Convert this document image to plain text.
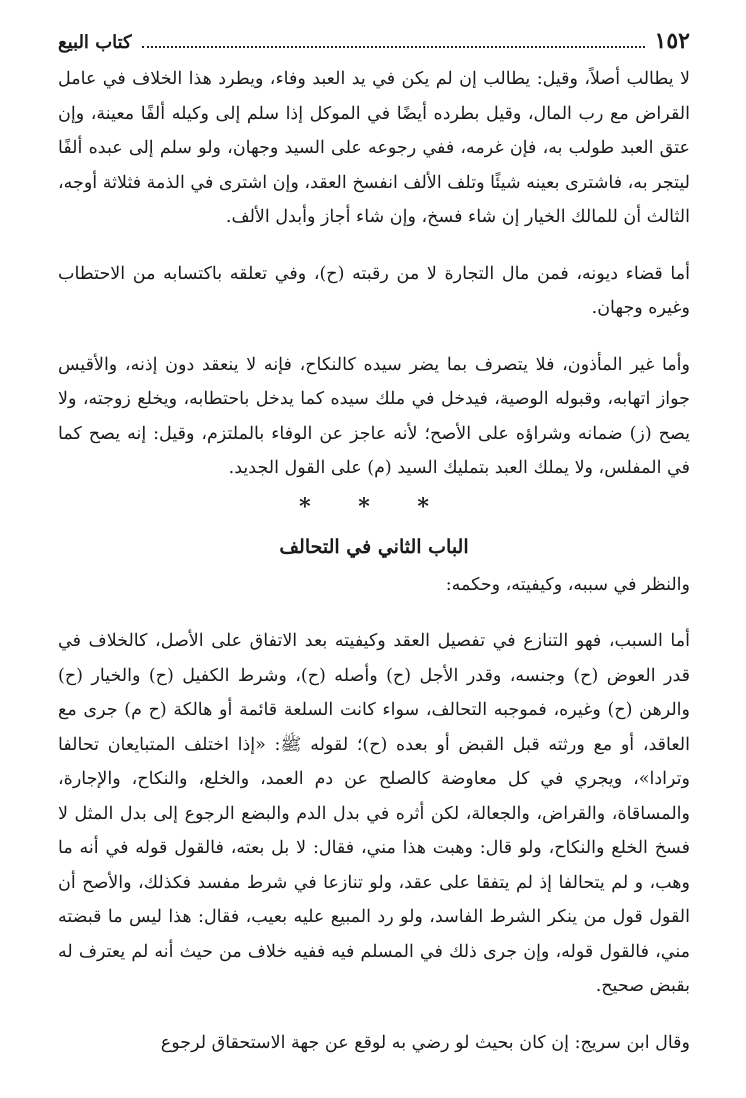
١٥٢
كتاب البيع

لا يطالب أصلاً، وقيل: يطالب إن لم يكن في يد العبد وفاء، ويطرد هذا الخلاف في عامل القراض مع رب المال، وقيل بطرده أيضًا في الموكل إذا سلم إلى وكيله ألفًا معينة، وإن عتق العبد طولب به، فإن غرمه، ففي رجوعه على السيد وجهان، ولو سلم إلى عبده ألفًا ليتجر به، فاشترى بعينه شيئًا وتلف الألف انفسخ العقد، وإن اشترى في الذمة فثلاثة أوجه، الثالث أن للمالك الخيار إن شاء فسخ، وإن شاء أجاز وأبدل الألف.

أما قضاء ديونه، فمن مال التجارة لا من رقبته (ح)، وفي تعلقه باكتسابه من الاحتطاب وغيره وجهان.

وأما غير المأذون، فلا يتصرف بما يضر سيده كالنكاح، فإنه لا ينعقد دون إذنه، والأقيس جواز اتهابه، وقبوله الوصية، فيدخل في ملك سيده كما يدخل باحتطابه، ويخلع زوجته، ولا يصح (ز) ضمانه وشراؤه على الأصح؛ لأنه عاجز عن الوفاء بالملتزم، وقيل: إنه يصح كما في المفلس، ولا يملك العبد بتمليك السيد (م) على القول الجديد.

* * *
الباب الثاني في التحالف

والنظر في سببه، وكيفيته، وحكمه:

أما السبب، فهو التنازع في تفصيل العقد وكيفيته بعد الاتفاق على الأصل، كالخلاف في قدر العوض (ح) وجنسه، وقدر الأجل (ح) وأصله (ح)، وشرط الكفيل (ح) والخيار (ح) والرهن (ح) وغيره، فموجبه التحالف، سواء كانت السلعة قائمة أو هالكة (ح م) جرى مع العاقد، أو مع ورثته قبل القبض أو بعده (ح)؛ لقوله ﷺ: «إذا اختلف المتبايعان تحالفا وترادا»، ويجري في كل معاوضة كالصلح عن دم العمد، والخلع، والنكاح، والإجارة، والمساقاة، والقراض، والجعالة، لكن أثره في بدل الدم والبضع الرجوع إلى بدل المثل لا فسخ الخلع والنكاح، ولو قال: وهبت هذا مني، فقال: لا بل بعته، فالقول قوله في أنه ما وهب، و لم يتحالفا إذ لم يتفقا على عقد، ولو تنازعا في شرط مفسد فكذلك، والأصح أن القول قول من ينكر الشرط الفاسد، ولو رد المبيع عليه بعيب، فقال: هذا ليس ما قبضته مني، فالقول قوله، وإن جرى ذلك في المسلم فيه ففيه خلاف من حيث أنه لم يعترف له بقبض صحيح.

وقال ابن سريج: إن كان بحيث لو رضي به لوقع عن جهة الاستحقاق لرجوع
